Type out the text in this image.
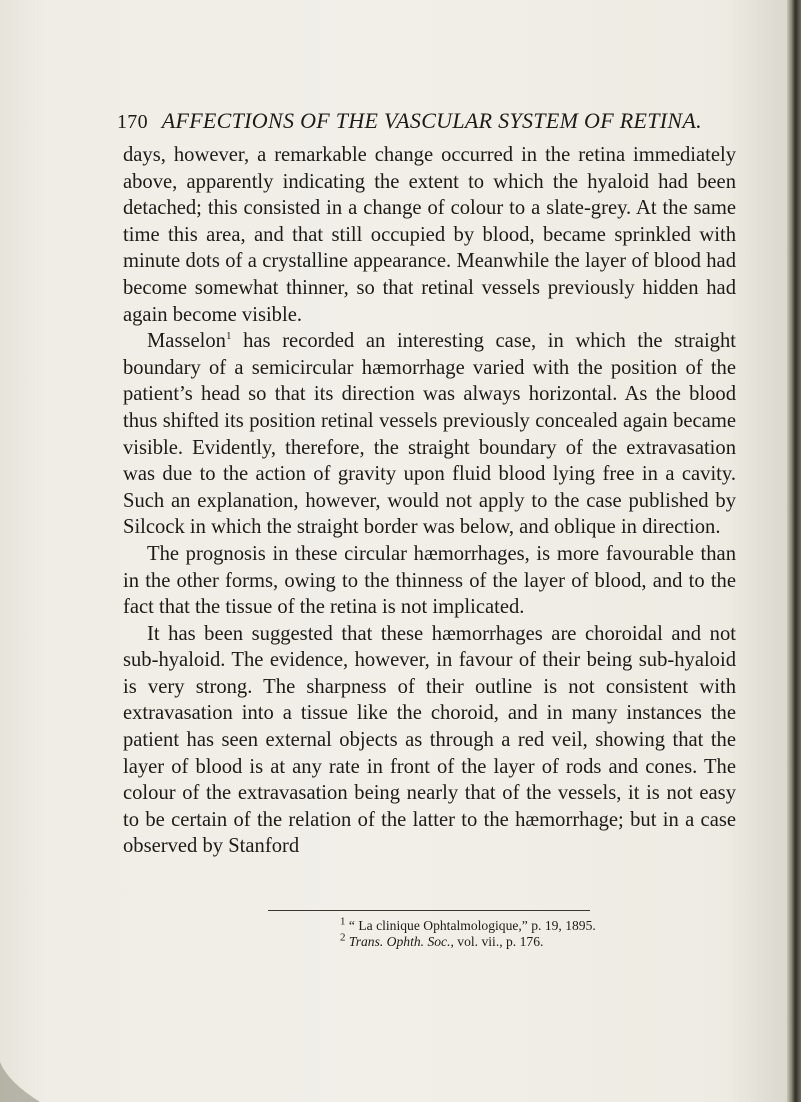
170 AFFECTIONS OF THE VASCULAR SYSTEM OF RETINA.

days, however, a remarkable change occurred in the retina immediately above, apparently indicating the extent to which the hyaloid had been detached; this consisted in a change of colour to a slate-grey. At the same time this area, and that still occupied by blood, became sprinkled with minute dots of a crystalline appearance. Meanwhile the layer of blood had become somewhat thinner, so that retinal vessels previously hidden had again become visible.

Masselon$^1$ has recorded an interesting case, in which the straight boundary of a semicircular hæmorrhage varied with the position of the patient’s head so that its direction was always horizontal. As the blood thus shifted its position retinal vessels previously concealed again became visible. Evidently, therefore, the straight boundary of the extravasation was due to the action of gravity upon fluid blood lying free in a cavity. Such an explanation, however, would not apply to the case published by Silcock in which the straight border was below, and oblique in direction.

The prognosis in these circular hæmorrhages, is more favourable than in the other forms, owing to the thinness of the layer of blood, and to the fact that the tissue of the retina is not implicated.

It has been suggested that these hæmorrhages are choroidal and not sub-hyaloid. The evidence, however, in favour of their being sub-hyaloid is very strong. The sharpness of their outline is not consistent with extravasation into a tissue like the choroid, and in many instances the patient has seen external objects as through a red veil, showing that the layer of blood is at any rate in front of the layer of rods and cones. The colour of the extravasation being nearly that of the vessels, it is not easy to be certain of the relation of the latter to the hæmorrhage; but in a case observed by Stanford

$^1$ “ La clinique Ophtalmologique,” p. 19, 1895.
$^2$ Trans. Ophth. Soc., vol. vii., p. 176.
